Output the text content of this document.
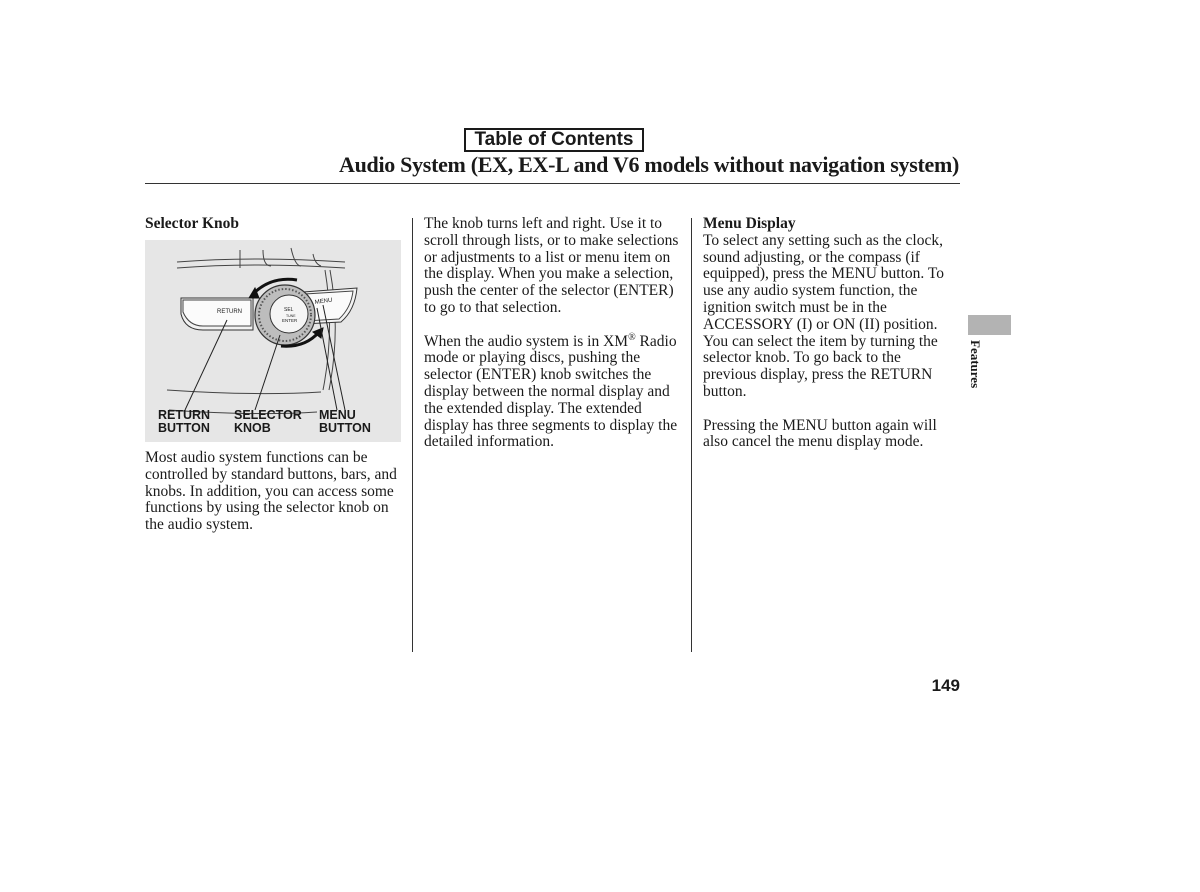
Table of Contents
Audio System (EX, EX-L and V6 models without navigation system)

Selector Knob

RETURN
MENU
SEL
TUNE
ENTER
RETURN
BUTTON
SELECTOR
KNOB
MENU
BUTTON

Most audio system functions can be controlled by standard buttons, bars, and knobs. In addition, you can access some functions by using the selector knob on the audio system.

The knob turns left and right. Use it to scroll through lists, or to make selections or adjustments to a list or menu item on the display. When you make a selection, push the center of the selector (ENTER) to go to that selection.

When the audio system is in XM® Radio mode or playing discs, pushing the selector (ENTER) knob switches the display between the normal display and the extended display. The extended display has three segments to display the detailed information.

Menu Display

To select any setting such as the clock, sound adjusting, or the compass (if equipped), press the MENU button. To use any audio system function, the ignition switch must be in the ACCESSORY (I) or ON (II) position. You can select the item by turning the selector knob. To go back to the previous display, press the RETURN button.

Pressing the MENU button again will also cancel the menu display mode.

Features
149
